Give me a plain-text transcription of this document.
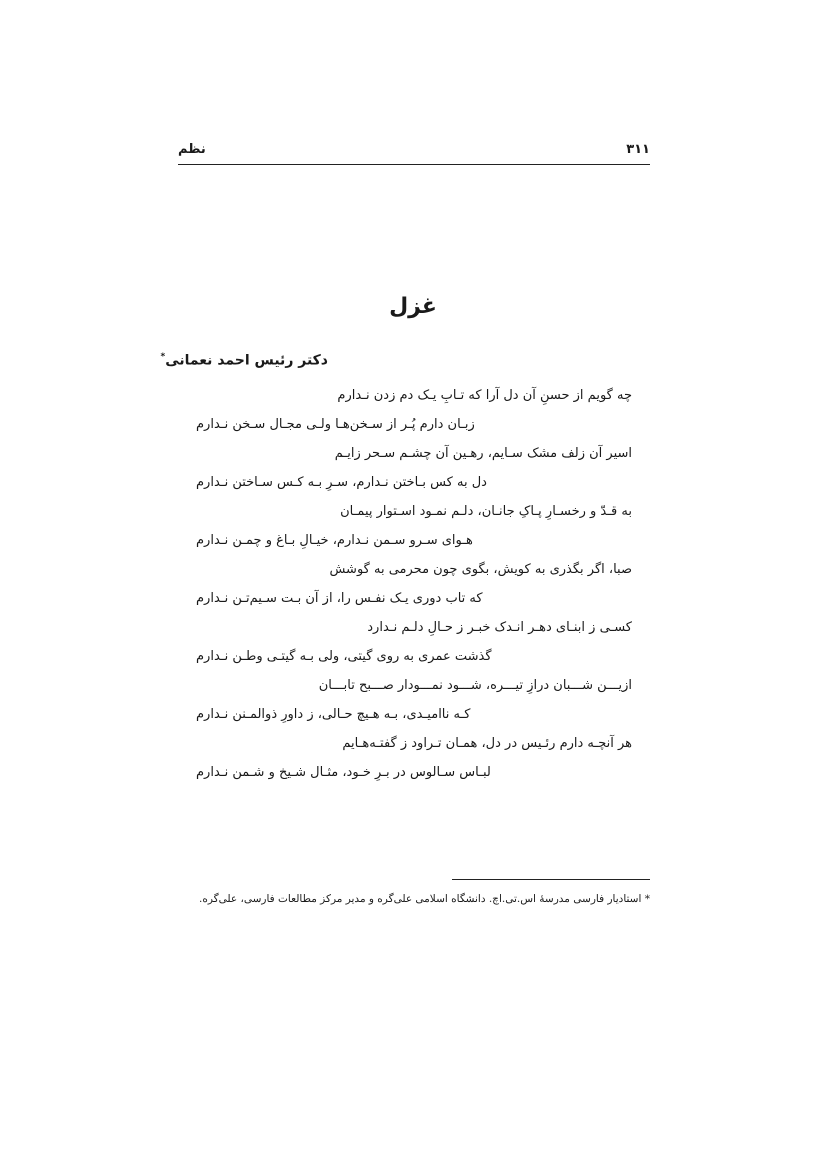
نظم	۳۱۱
غزل
دکتر رئیس احمد نعمانی*
چه گویم از حسنِ آن دل آرا که تـابِ یـک دم زدن نـدارم
زبـان دارم پُـر از سـخن‌هـا ولـی مجـال سـخن نـدارم
اسیر آن زلف مشک سـایم، رهـین آن چشـم سـحر زایـم
دل به کس بـاختن نـدارم، سـرِ بـه کـس سـاختن نـدارم
به قـدّ و رخسـارِ پـاکِ جانـان، دلـم نمـود اسـتوار پیمـان
هـوای سـرو سـمن نـدارم، خیـالِ بـاغ و چمـن نـدارم
صبا، اگر بگذری به کویش، بگوی چون محرمی به گوشش
که تاب دوری یـک نفـس را، از آن بـت سـیم‌تـن نـدارم
کسـی ز ابنـای دهـر انـدک خبـر ز حـالِ دلـم نـدارد
گذشت عمری به روی گیتی، ولی بـه گیتـی وطـن نـدارم
ازیـــن شـــبان درازِ تیـــره، شـــود نمـــودار صـــبح تابـــان
کـه ناامیـدی، بـه هـیچ حـالی، ز داورِ ذوالمـنن نـدارم
هر آنچـه دارم رئـیس در دل، همـان تـراود ز گفتـه‌هـایم
لبـاس سـالوس در بـرِ خـود، مثـال شـیخ و شـمن نـدارم
* استادیار فارسی مدرسهٔ اس.تی.اچ. دانشگاه اسلامی علی‌گره و مدیر مرکز مطالعات فارسی، علی‌گره.
